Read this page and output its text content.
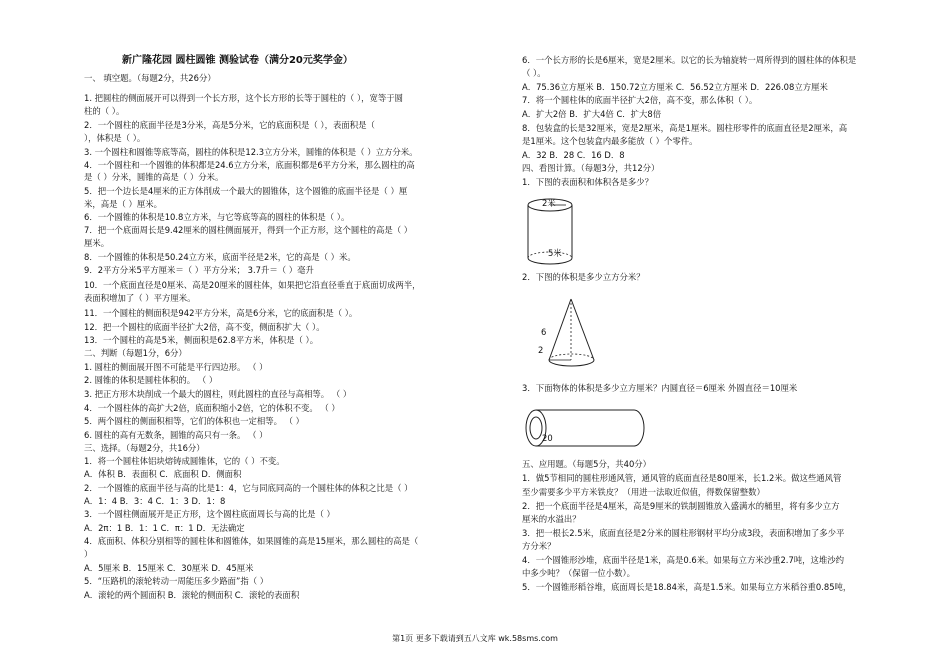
2米
5米
6
2
20
第1页 更多下载请到五八文库 wk.58sms.com
新广隆花园 圆柱圆锥 测验试卷（满分20元奖学金）
一、 填空题。（每题2分，共26分）
1. 把圆柱的侧面展开可以得到一个长方形，这个长方形的长等于圆柱的（ ），宽等于圆
柱的（ ）。
2．一个圆柱的底面半径是3分米，高是5分米，它的底面积是（ ），表面积是（
），体积是（ ）。
3. 一个圆柱和圆锥等底等高，圆柱的体积是12.3立方分米，圆锥的体积是（ ）立方分米。
4．一个圆柱和一个圆锥的体积都是24.6立方分米，底面积都是6平方分米，那么圆柱的高
是（ ）分米，圆锥的高是（ ）分米。
5．把一个边长是4厘米的正方体削成一个最大的圆锥体，这个圆锥的底面半径是（ ）厘
米，高是（ ）厘米。
6．一个圆锥的体积是10.8立方米，与它等底等高的圆柱的体积是（ ）。
7．把一个底面周长是9.42厘米的圆柱侧面展开，得到一个正方形，这个圆柱的高是（ ）
厘米。
8．一个圆锥的体积是50.24立方米，底面半径是2米，它的高是（ ）米。
9．2平方分米5平方厘米＝（ ）平方分米； 3.7升＝（ ）毫升
10．一个底面直径是0厘米、高是20厘米的圆柱体，如果把它沿直径垂直于底面切成两半，
表面积增加了（ ）平方厘米。
11．一个圆柱的侧面积是942平方分米，高是6分米，它的底面积是（ ）。
12．把一个圆柱的底面半径扩大2倍，高不变，侧面积扩大（ ）。
13．一个圆柱的高是5米，侧面积是62.8平方米，体积是（ ）。
二、判断（每题1分，6分）
1. 圆柱的侧面展开图不可能是平行四边形。 （ ）
2. 圆锥的体积是圆柱体积的。 （ ）
3. 把正方形木块削成一个最大的圆柱，则此圆柱的直径与高相等。 （ ）
4．一个圆柱体的高扩大2倍，底面积缩小2倍，它的体积不变。 （ ）
5．两个圆柱的侧面积相等，它们的体积也一定相等。 （ ）
6. 圆柱的高有无数条，圆锥的高只有一条。 （ ）
三、选择。（每题2分，共16分）
1．将一个圆柱体铝块熔铸成圆锥体，它的（ ）不变。
A．体积 B．表面积 C．底面积 D．侧面积
2．一个圆锥的底面半径与高的比是1：4，它与同底同高的一个圆柱体的体积之比是（ ）
A．1：4 B．3：4 C．1：3 D．1：8
3．一个圆柱侧面展开是正方形，这个圆柱底面周长与高的比是（ ）
A．2π：1 B．1：1 C．π：1 D．无法确定
4．底面积、体积分别相等的圆柱体和圆锥体，如果圆锥的高是15厘米，那么圆柱的高是（
）
A．5厘米 B．15厘米 C．30厘米 D．45厘米
5．“压路机的滚轮转动一周能压多少路面”指（ ）
A．滚轮的两个圆面积 B．滚轮的侧面积 C．滚轮的表面积
6．一个长方形的长是6厘米，宽是2厘米。以它的长为轴旋转一周所得到的圆柱体的体积是
（ ）。
A．75.36立方厘米 B．150.72立方厘米 C．56.52立方厘米 D．226.08立方厘米
7．将一个圆柱体的底面半径扩大2倍，高不变，那么体积（ ）。
A．扩大2倍 B．扩大4倍 C．扩大8倍
8．包装盒的长是32厘米，宽是2厘米，高是1厘米。圆柱形零件的底面直径是2厘米，高
是1厘米。这个包装盒内最多能放（ ）个零件。
A．32 B．28 C．16 D．8
四、看图计算。（每题3分，共12分）
1．下图的表面积和体积各是多少？
2．下图的体积是多少立方分米？
3．下面物体的体积是多少立方厘米？内圆直径＝6厘米 外圆直径＝10厘米
五、应用题。（每题5分，共40分）
1．做5节相同的圆柱形通风管，通风管的底面直径是80厘米，长1.2米。做这些通风管
至少需要多少平方米铁皮？（用进一法取近似值，得数保留整数）
2．把一个底面半径是4厘米，高是9厘米的铁制圆锥放入盛满水的桶里，将有多少立方
厘米的水溢出？
3．把一根长2.5米，底面直径是2分米的圆柱形钢材平均分成3段，表面积增加了多少平
方分米？
4．一个圆锥形沙堆，底面半径是1米，高是0.6米。如果每立方米沙重2.7吨，这堆沙约
中多少吨？（保留一位小数）。
5．一个圆锥形稻谷堆，底面周长是18.84米，高是1.5米。如果每立方米稻谷重0.85吨，
